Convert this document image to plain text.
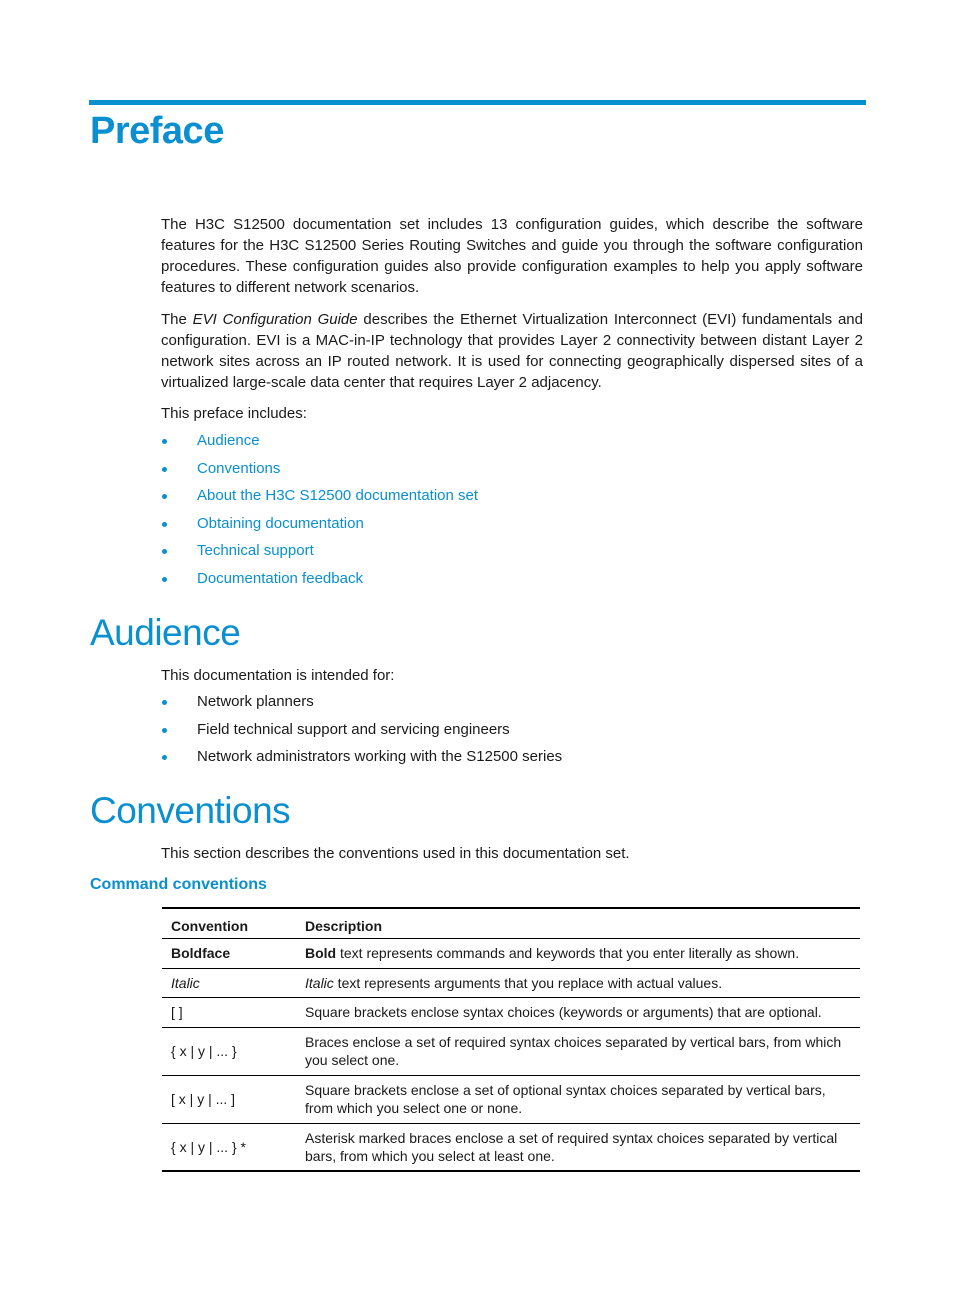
Preface

The H3C S12500 documentation set includes 13 configuration guides, which describe the software features for the H3C S12500 Series Routing Switches and guide you through the software configuration procedures. These configuration guides also provide configuration examples to help you apply software features to different network scenarios.

The EVI Configuration Guide describes the Ethernet Virtualization Interconnect (EVI) fundamentals and configuration. EVI is a MAC-in-IP technology that provides Layer 2 connectivity between distant Layer 2 network sites across an IP routed network. It is used for connecting geographically dispersed sites of a virtualized large-scale data center that requires Layer 2 adjacency.

This preface includes:

Audience
Conventions
About the H3C S12500 documentation set
Obtaining documentation
Technical support
Documentation feedback
Audience

This documentation is intended for:

Network planners
Field technical support and servicing engineers
Network administrators working with the S12500 series
Conventions

This section describes the conventions used in this documentation set.

Command conventions
Convention	Description
Boldface	Bold text represents commands and keywords that you enter literally as shown.
Italic	Italic text represents arguments that you replace with actual values.
[ ]	Square brackets enclose syntax choices (keywords or arguments) that are optional.
{ x | y | ... }	Braces enclose a set of required syntax choices separated by vertical bars, from which you select one.
[ x | y | ... ]	Square brackets enclose a set of optional syntax choices separated by vertical bars, from which you select one or none.
{ x | y | ... } *	Asterisk marked braces enclose a set of required syntax choices separated by vertical bars, from which you select at least one.
